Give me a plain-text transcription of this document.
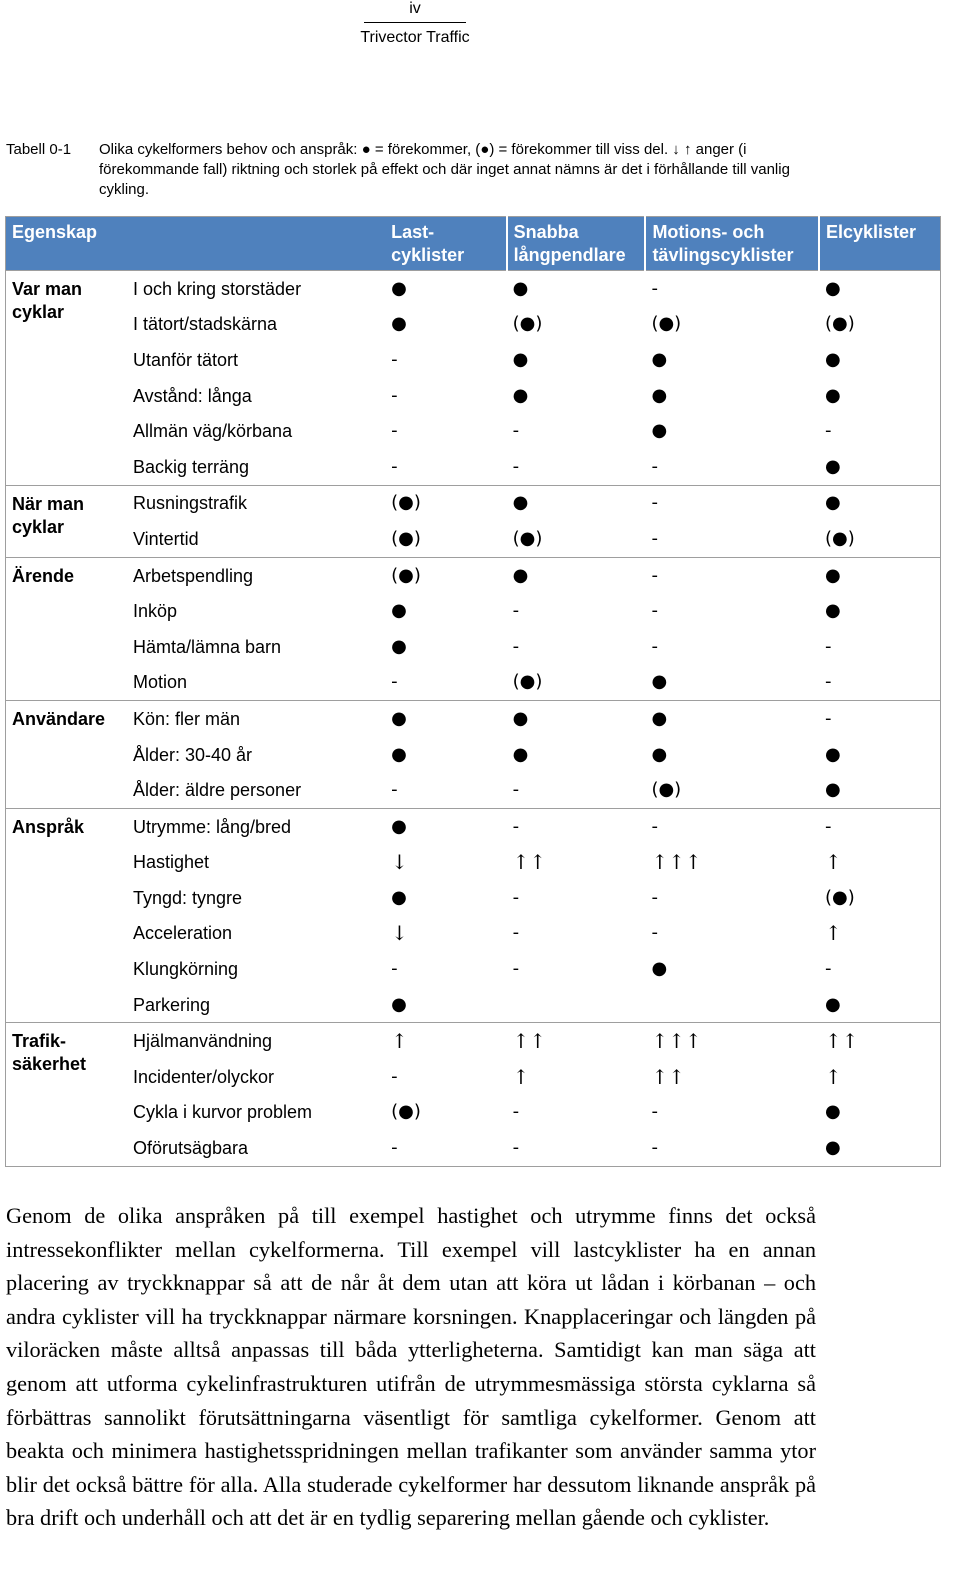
iv
Trivector Traffic
Tabell 0-1	Olika cykelformers behov och anspråk: ● = förekommer, (●) = förekommer till viss del. ↓ ↑ anger (i förekommande fall) riktning och storlek på effekt och där inget annat nämns är det i förhållande till vanlig cykling.
Egenskap		Last- cyklister	Snabba långpendlare	Motions- och tävlingscyklister	Elcyklister
Var man cyklar	I och kring storstäder	●	●	-	●
	I tätort/stadskärna	●	(●)	(●)	(●)
	Utanför tätort	-	●	●	●
	Avstånd: långa	-	●	●	●
	Allmän väg/körbana	-	-	●	-
	Backig terräng	-	-	-	●
När man cyklar	Rusningstrafik	(●)	●	-	●
	Vintertid	(●)	(●)	-	(●)
Ärende	Arbetspendling	(●)	●	-	●
	Inköp	●	-	-	●
	Hämta/lämna barn	●	-	-	-
	Motion	-	(●)	●	-
Användare	Kön: fler män	●	●	●	-
	Ålder: 30-40 år	●	●	●	●
	Ålder: äldre personer	-	-	(●)	●
Anspråk	Utrymme: lång/bred	●	-	-	-
	Hastighet	↓	↑↑	↑↑↑	↑
	Tyngd: tyngre	●	-	-	(●)
	Acceleration	↓	-	-	↑
	Klungkörning	-	-	●	-
	Parkering	●			●
Trafik- säkerhet	Hjälmanvändning	↑	↑↑	↑↑↑	↑↑
	Incidenter/olyckor	-	↑	↑↑	↑
	Cykla i kurvor problem	(●)	-	-	●
	Oförutsägbara	-	-	-	●
Genom de olika anspråken på till exempel hastighet och utrymme finns det också intressekonflikter mellan cykelformerna. Till exempel vill lastcyklister ha en annan placering av tryckknappar så att de når åt dem utan att köra ut lådan i körbanan – och andra cyklister vill ha tryckknappar närmare korsningen. Knapplaceringar och längden på viloräcken måste alltså anpassas till båda ytterligheterna. Samtidigt kan man säga att genom att utforma cykelinfrastrukturen utifrån de utrymmesmässiga största cyklarna så förbättras sannolikt förutsättningarna väsentligt för samtliga cykelformer. Genom att beakta och minimera hastighetsspridningen mellan trafikanter som använder samma ytor blir det också bättre för alla. Alla studerade cykelformer har dessutom liknande anspråk på bra drift och underhåll och att det är en tydlig separering mellan gående och cyklister.
